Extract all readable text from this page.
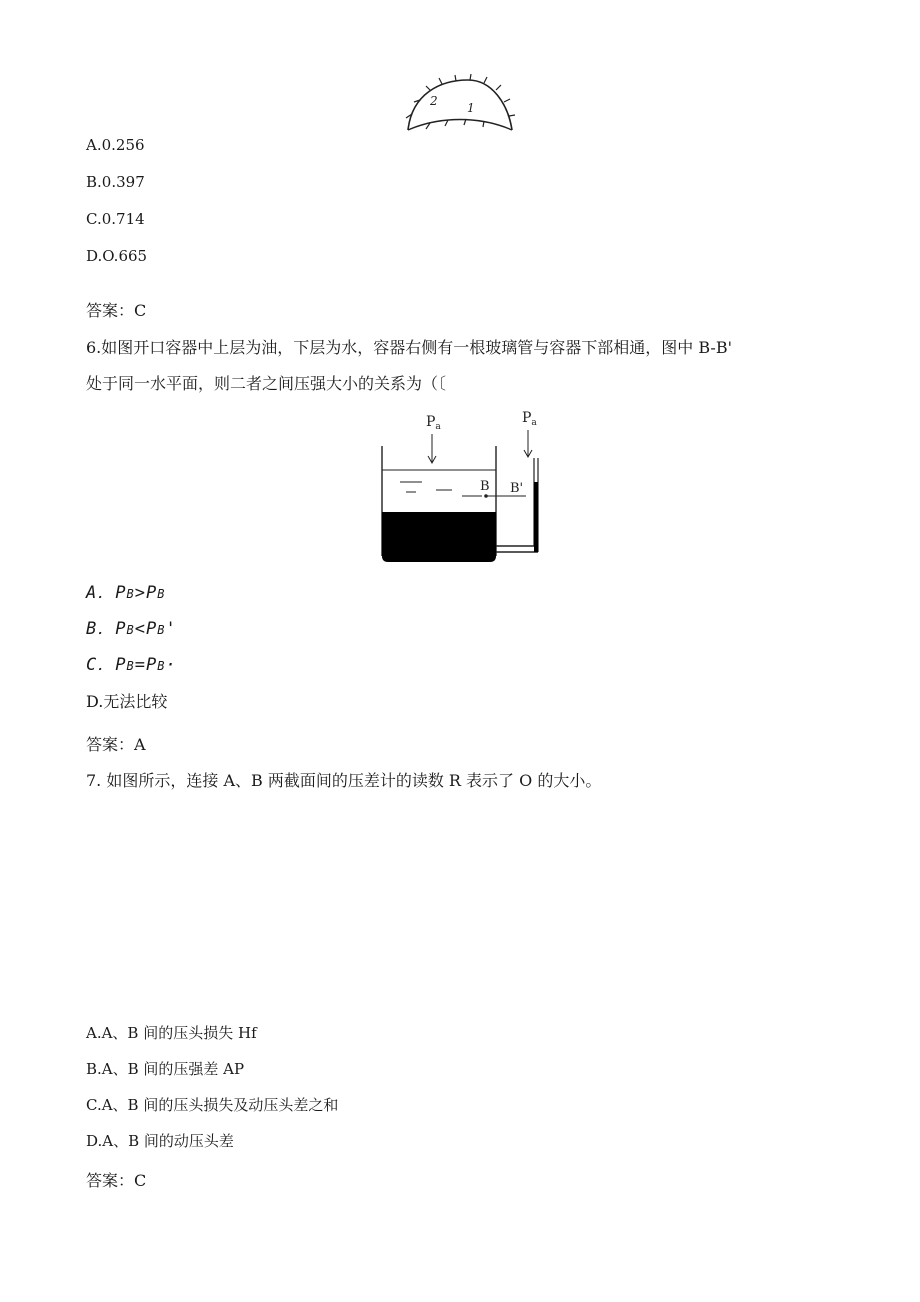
2 1
A.0.256
B.0.397
C.0.714
D.O.665
答案：C
6.如图开口容器中上层为油，下层为水，容器右侧有一根玻璃管与容器下部相通，图中 B-B'
处于同一水平面，则二者之间压强大小的关系为（〔
$P_a$
$P_a$
B B'
A．PB>PB
B．PB<PB'
C．PB=PB·
D.无法比较
答案：A
7. 如图所示，连接 A、B 两截面间的压差计的读数 R 表示了 O 的大小。
A.A、B 间的压头损失 Hf
B.A、B 间的压强差 AP
C.A、B 间的压头损失及动压头差之和
D.A、B 间的动压头差
答案：C
